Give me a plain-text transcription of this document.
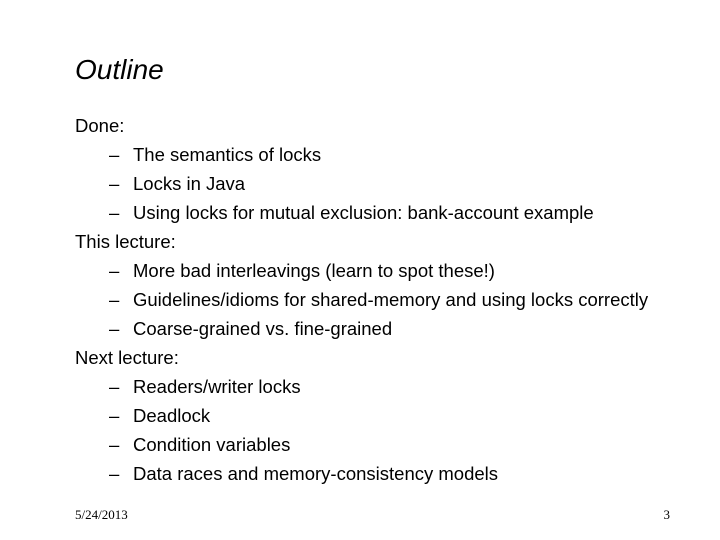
Outline
Done:
– The semantics of locks
– Locks in Java
– Using locks for mutual exclusion: bank-account example
This lecture:
– More bad interleavings (learn to spot these!)
– Guidelines/idioms for shared-memory and using locks correctly
– Coarse-grained vs. fine-grained
Next lecture:
– Readers/writer locks
– Deadlock
– Condition variables
– Data races and memory-consistency models
5/24/2013	3
